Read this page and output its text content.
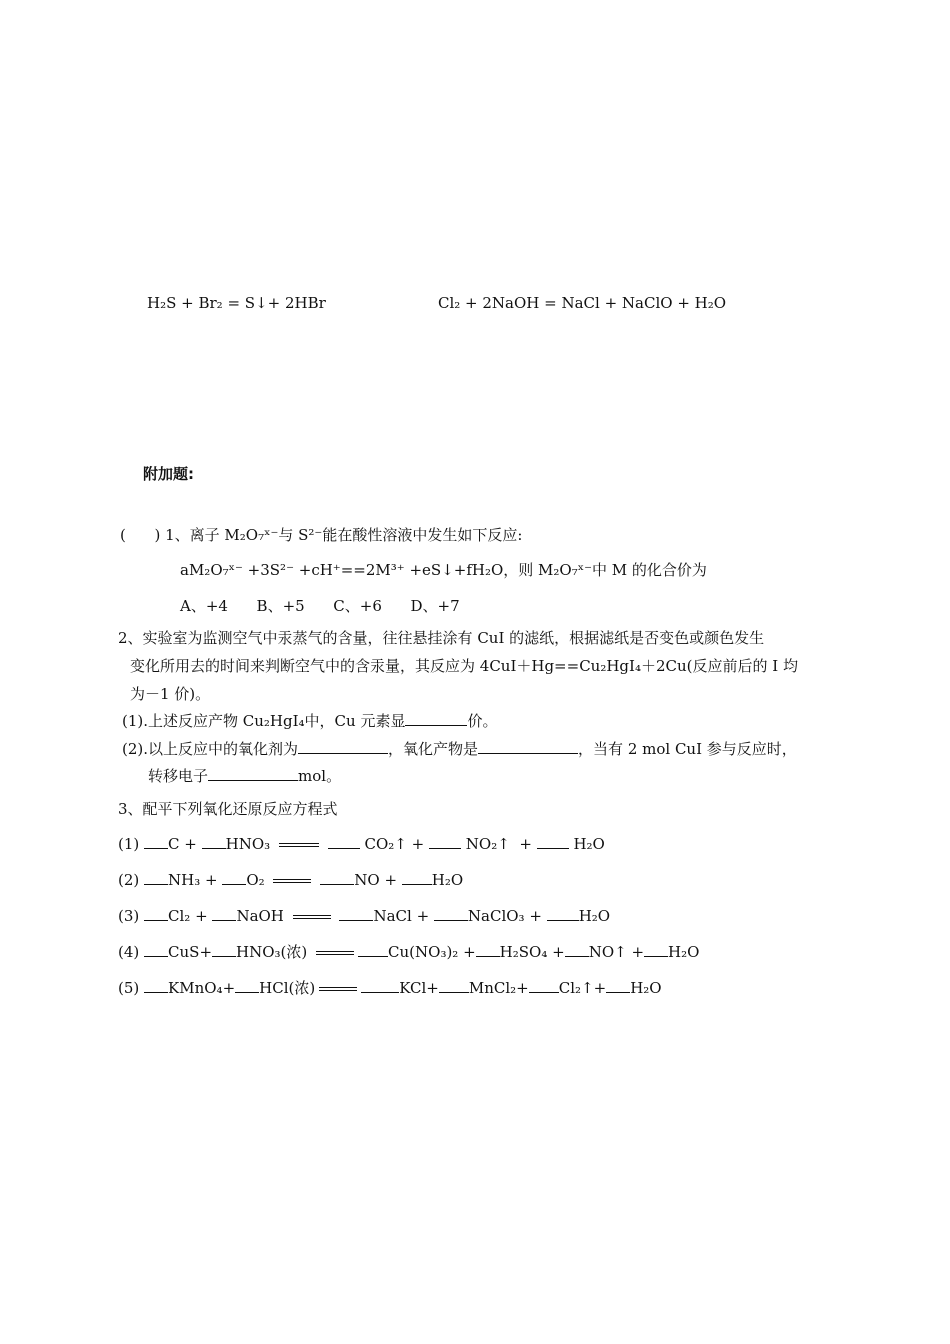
H₂S + Br₂ = S↓+ 2HBr	Cl₂ + 2NaOH = NaCl + NaClO + H₂O
附加题:
(      ) 1、离子 M₂O₇ˣ⁻与 S²⁻能在酸性溶液中发生如下反应:
aM₂O₇ˣ⁻ +3S²⁻ +cH⁺==2M³⁺ +eS↓+fH₂O，则 M₂O₇ˣ⁻中 M 的化合价为
A、+4      B、+5      C、+6      D、+7
2、实验室为监测空气中汞蒸气的含量，往往悬挂涂有 CuI 的滤纸，根据滤纸是否变色或颜色发生
变化所用去的时间来判断空气中的含汞量，其反应为 4CuI＋Hg==Cu₂HgI₄＋2Cu(反应前后的 I 均
为－1 价)。
(1).上述反应产物 Cu₂HgI₄中，Cu 元素显	价。
(2).以上反应中的氧化剂为	，氧化产物是	，当有 2 mol CuI 参与反应时，
转移电子	mol。
3、配平下列氧化还原反应方程式
(1) C + HNO₃	CO₂↑ +	NO₂↑  +	H₂O
(2) NH₃ + O₂	NO + H₂O
(3) Cl₂ + NaOH	NaCl +	NaClO₃ + H₂O
(4) CuS+ HNO₃(浓)	Cu(NO₃)₂ + H₂SO₄ + NO↑ + H₂O
(5) KMnO₄+ HCl(浓)	KCl+ MnCl₂+ Cl₂↑+ H₂O
